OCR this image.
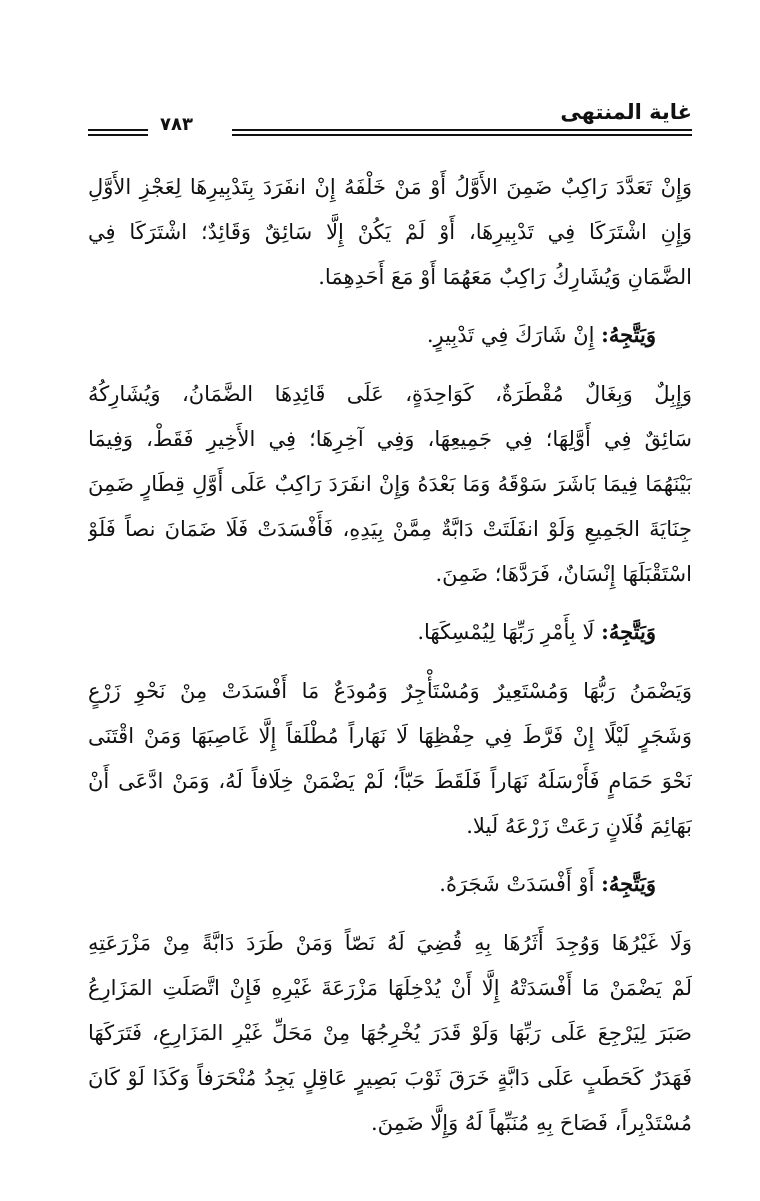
غاية المنتهى
٧٨٣
وَإِنْ تَعَدَّدَ رَاكِبٌ ضَمِنَ الأَوَّلُ أَوْ مَنْ خَلْفَهُ إِنْ انفَرَدَ بِتَدْبِيرِهَا لِعَجْزِ الأَوَّلِ
وَإِنِ اشْتَرَكَا فِي تَدْبِيرِهَا، أَوْ لَمْ يَكُنْ إِلَّا سَائِقٌ وَقَائِدٌ؛ اشْتَرَكَا فِي
الضَّمَانِ وَيُشَارِكُ رَاكِبٌ مَعَهُمَا أَوْ مَعَ أَحَدِهِمَا.
وَيَتَّجِهُ: إِنْ شَارَكَ فِي تَدْبِيرٍ.
وَإِبِلٌ وَبِغَالٌ مُقْطَرَةٌ، كَوَاحِدَةٍ، عَلَى قَائِدِهَا الضَّمَانُ، وَيُشَارِكُهُ
سَائِقٌ فِي أَوَّلِهَا؛ فِي جَمِيعِهَا، وَفِي آخِرِهَا؛ فِي الأَخِيرِ فَقَطْ، وَفِيمَا
بَيْنَهُمَا فِيمَا بَاشَرَ سَوْقَهُ وَمَا بَعْدَهُ وَإِنْ انفَرَدَ رَاكِبٌ عَلَى أَوَّلِ قِطَارٍ ضَمِنَ
جِنَايَةَ الجَمِيعِ وَلَوْ انفَلَتَتْ دَابَّةٌ مِمَّنْ بِيَدِهِ، فَأَفْسَدَتْ فَلَا ضَمَانَ نصاً فَلَوْ
اسْتَقْبَلَهَا إِنْسَانٌ، فَرَدَّهَا؛ ضَمِنَ.
وَيَتَّجِهُ: لَا بِأَمْرِ رَبِّهَا لِيُمْسِكَهَا.
وَيَضْمَنُ رَبُّهَا وَمُسْتَعِيرٌ وَمُسْتَأْجِرٌ وَمُودَعٌ مَا أَفْسَدَتْ مِنْ نَحْوِ زَرْعٍ
وَشَجَرٍ لَيْلًا إِنْ فَرَّطَ فِي حِفْظِهَا لَا نَهَاراً مُطْلَقاً إِلَّا غَاصِبَهَا وَمَنْ اقْتَنَى
نَحْوَ حَمَامٍ فَأَرْسَلَهُ نَهَاراً فَلَقَطَ حَبّاً؛ لَمْ يَضْمَنْ خِلَافاً لَهُ، وَمَنْ ادَّعَى أَنْ
بَهَائِمَ فُلَانٍ رَعَتْ زَرْعَهُ لَيلا.
وَيَتَّجِهُ: أَوْ أَفْسَدَتْ شَجَرَهُ.
وَلَا غَيْرُهَا وَوُجِدَ أَثَرُهَا بِهِ قُضِيَ لَهُ نَصّاً وَمَنْ طَرَدَ دَابَّةً مِنْ مَزْرَعَتِهِ
لَمْ يَضْمَنْ مَا أَفْسَدَتْهُ إِلَّا أَنْ يُدْخِلَهَا مَزْرَعَةَ غَيْرِهِ فَإِنْ اتَّصَلَتِ المَزَارِعُ
صَبَرَ لِيَرْجِعَ عَلَى رَبِّهَا وَلَوْ قَدَرَ يُخْرِجُهَا مِنْ مَحَلِّ غَيْرِ المَزَارِعِ، فَتَرَكَهَا
فَهَدَرٌ كَحَطَبٍ عَلَى دَابَّةٍ خَرَقَ ثَوْبَ بَصِيرٍ عَاقِلٍ يَجِدُ مُنْحَرَفاً وَكَذَا لَوْ كَانَ
مُسْتَدْبِراً، فَصَاحَ بِهِ مُنَبِّهاً لَهُ وَإِلَّا ضَمِنَ.
